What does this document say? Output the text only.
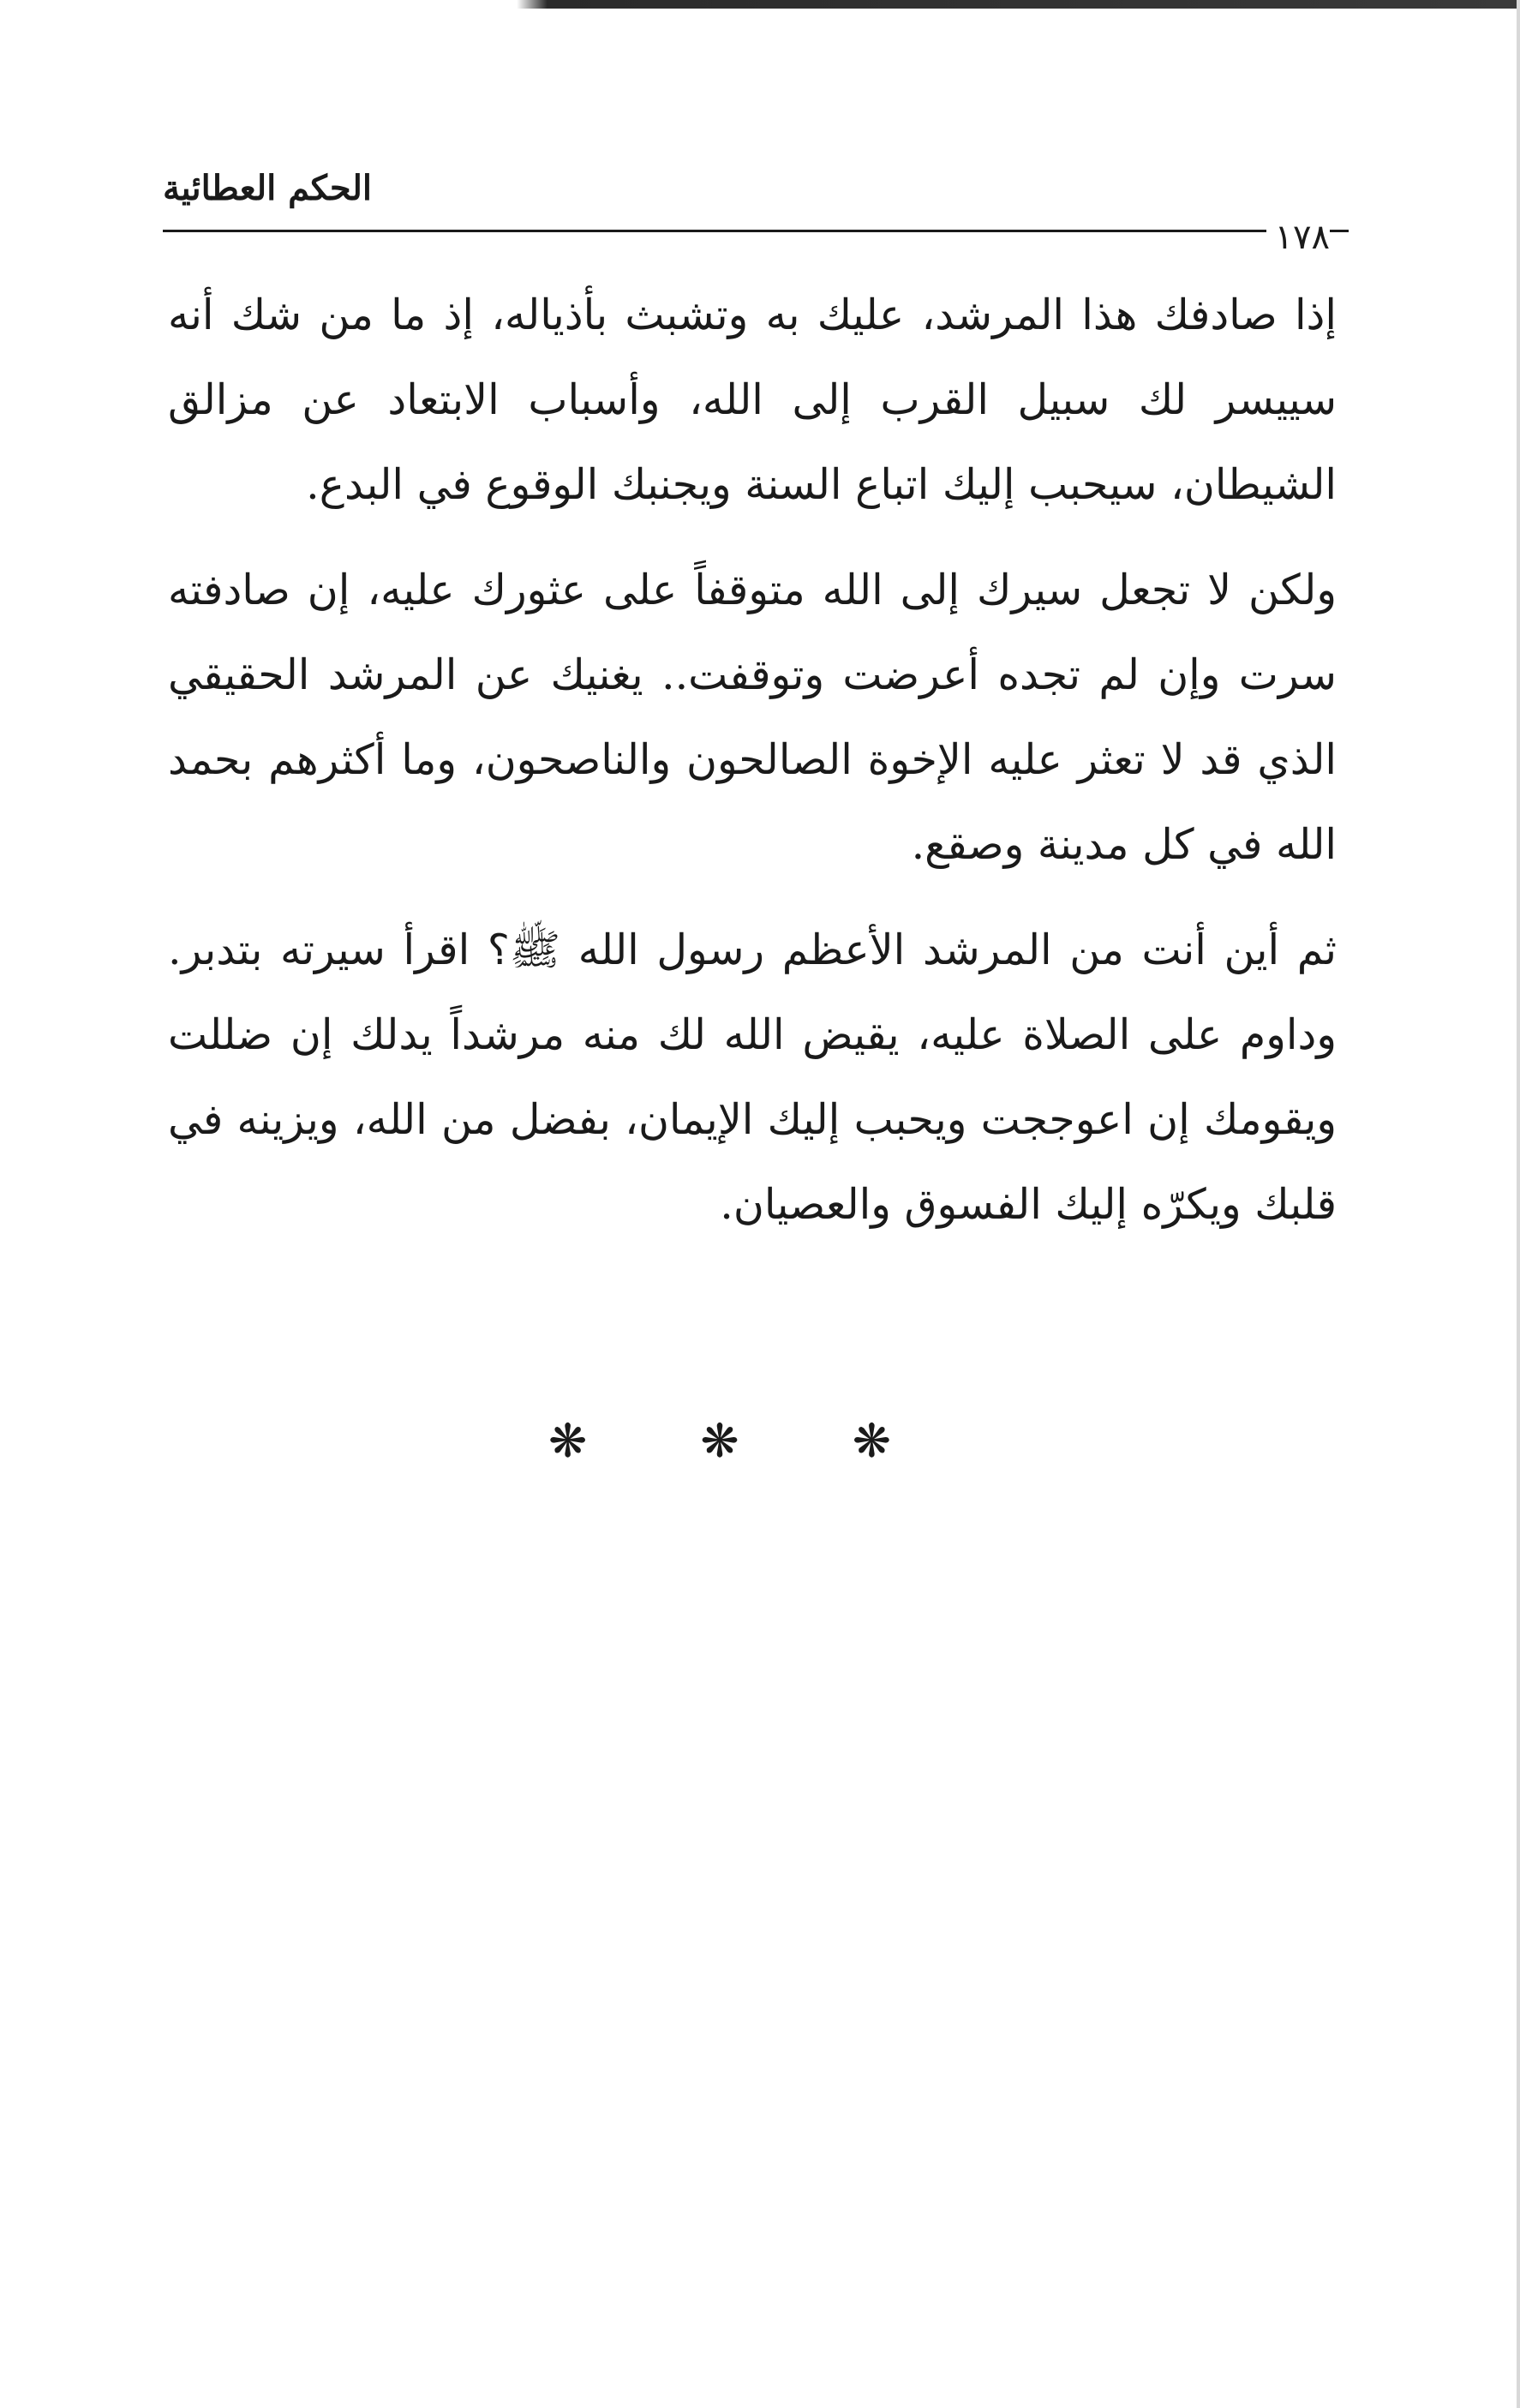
الحكم العطائية
١٧٨

إذا صادفك هذا المرشد، عليك به وتشبث بأذياله، إذ ما من شك أنه سييسر لك سبيل القرب إلى الله، وأسباب الابتعاد عن مزالق الشيطان، سيحبب إليك اتباع السنة ويجنبك الوقوع في البدع.

ولكن لا تجعل سيرك إلى الله متوقفاً على عثورك عليه، إن صادفته سرت وإن لم تجده أعرضت وتوقفت.. يغنيك عن المرشد الحقيقي الذي قد لا تعثر عليه الإخوة الصالحون والناصحون، وما أكثرهم بحمد الله في كل مدينة وصقع.

ثم أين أنت من المرشد الأعظم رسول الله ﷺ؟ اقرأ سيرته بتدبر. وداوم على الصلاة عليه، يقيض الله لك منه مرشداً يدلك إن ضللت ويقومك إن اعوججت ويحبب إليك الإيمان، بفضل من الله، ويزينه في قلبك ويكرّه إليك الفسوق والعصيان.

❋ ❋ ❋
